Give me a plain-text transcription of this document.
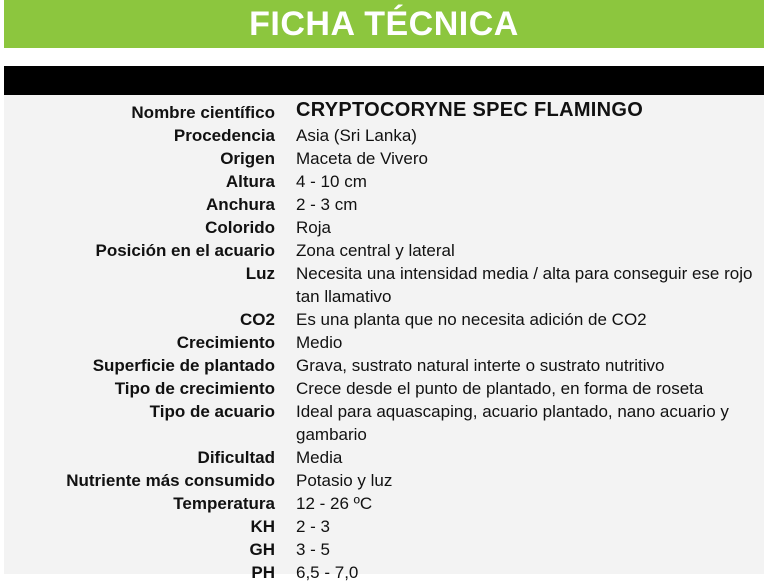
FICHA TÉCNICA
Nombre científico CRYPTOCORYNE SPEC FLAMINGO
Procedencia Asia (Sri Lanka)
Origen Maceta de Vivero
Altura 4 - 10 cm
Anchura 2 - 3 cm
Colorido Roja
Posición en el acuario Zona central y lateral
Luz Necesita una intensidad media / alta para conseguir ese rojo tan llamativo
CO2 Es una planta que no necesita adición de CO2
Crecimiento Medio
Superficie de plantado Grava, sustrato natural interte o sustrato nutritivo
Tipo de crecimiento Crece desde el punto de plantado, en forma de roseta
Tipo de acuario Ideal para aquascaping, acuario plantado, nano acuario y gambario
Dificultad Media
Nutriente más consumido Potasio y luz
Temperatura 12 - 26 ºC
KH 2 - 3
GH 3 - 5
PH 6,5 - 7,0
